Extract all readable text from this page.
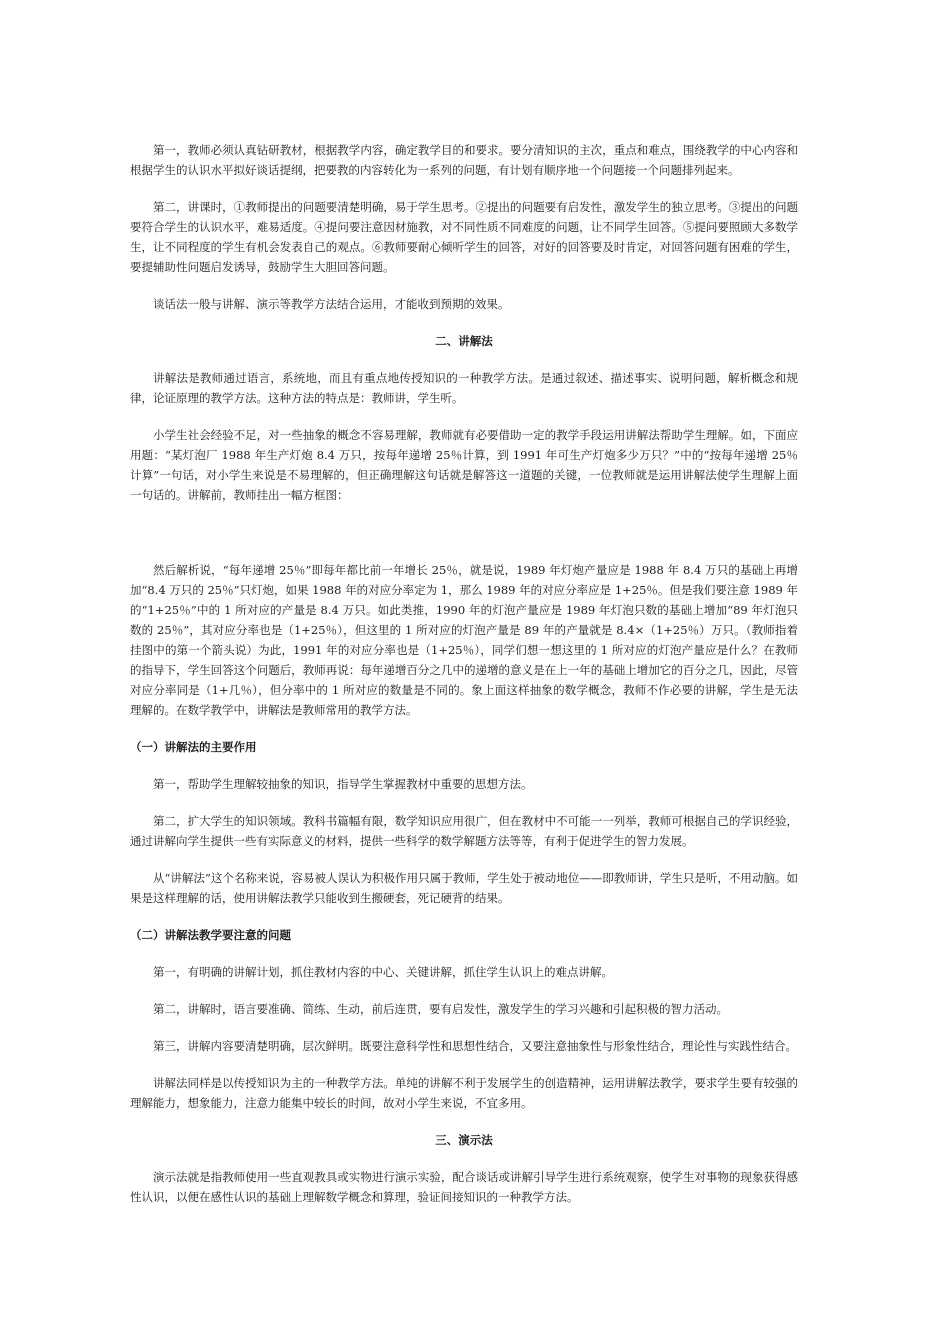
第一，教师必须认真钻研教材，根据教学内容，确定教学目的和要求。要分清知识的主次，重点和难点，围绕教学的中心内容和根据学生的认识水平拟好谈话提纲，把要教的内容转化为一系列的问题，有计划有顺序地一个问题接一个问题排列起来。

第二，讲课时，①教师提出的问题要清楚明确，易于学生思考。②提出的问题要有启发性，激发学生的独立思考。③提出的问题要符合学生的认识水平，难易适度。④提问要注意因材施教，对不同性质不同难度的问题，让不同学生回答。⑤提问要照顾大多数学生，让不同程度的学生有机会发表自己的观点。⑥教师要耐心倾听学生的回答，对好的回答要及时肯定，对回答问题有困难的学生，要提辅助性问题启发诱导，鼓励学生大胆回答问题。

谈话法一般与讲解、演示等教学方法结合运用，才能收到预期的效果。

二、讲解法

讲解法是教师通过语言，系统地，而且有重点地传授知识的一种教学方法。是通过叙述、描述事实、说明问题，解析概念和规律，论证原理的教学方法。这种方法的特点是：教师讲，学生听。

小学生社会经验不足，对一些抽象的概念不容易理解，教师就有必要借助一定的教学手段运用讲解法帮助学生理解。如，下面应用题：“某灯泡厂 1988 年生产灯炮 8.4 万只，按每年递增 25％计算，到 1991 年可生产灯炮多少万只？”中的“按每年递增 25％计算”一句话，对小学生来说是不易理解的，但正确理解这句话就是解答这一道题的关键，一位教师就是运用讲解法使学生理解上面一句话的。讲解前，教师挂出一幅方框图：

然后解析说，“每年递增 25％”即每年都比前一年增长 25％，就是说，1989 年灯炮产量应是 1988 年 8.4 万只的基础上再增加“8.4 万只的 25％”只灯炮，如果 1988 年的对应分率定为 1，那么 1989 年的对应分率应是 1+25％。但是我们要注意 1989 年的“1+25％”中的 1 所对应的产量是 8.4 万只。如此类推，1990 年的灯泡产量应是 1989 年灯泡只数的基础上增加“89 年灯泡只数的 25％”，其对应分率也是（1+25％），但这里的 1 所对应的灯泡产量是 89 年的产量就是 8.4×（1+25％）万只。（教师指着挂图中的第一个箭头说）为此，1991 年的对应分率也是（1+25％），同学们想一想这里的 1 所对应的灯泡产量应是什么？在教师的指导下，学生回答这个问题后，教师再说：每年递增百分之几中的递增的意义是在上一年的基础上增加它的百分之几，因此，尽管对应分率同是（1+几％），但分率中的 1 所对应的数量是不同的。象上面这样抽象的数学概念，教师不作必要的讲解，学生是无法理解的。在数学教学中，讲解法是教师常用的教学方法。

（一）讲解法的主要作用

第一，帮助学生理解较抽象的知识，指导学生掌握教材中重要的思想方法。

第二，扩大学生的知识领域。教科书篇幅有限，数学知识应用很广，但在教材中不可能一一列举，教师可根据自己的学识经验，通过讲解向学生提供一些有实际意义的材料，提供一些科学的数学解题方法等等，有利于促进学生的智力发展。

从“讲解法”这个名称来说，容易被人误认为积极作用只属于教师，学生处于被动地位——即教师讲，学生只是听，不用动脑。如果是这样理解的话，使用讲解法教学只能收到生搬硬套，死记硬背的结果。

（二）讲解法教学要注意的问题

第一，有明确的讲解计划，抓住教材内容的中心、关键讲解，抓住学生认识上的难点讲解。

第二，讲解时，语言要准确、简练、生动，前后连贯，要有启发性，激发学生的学习兴趣和引起积极的智力活动。

第三，讲解内容要清楚明确，层次鲜明。既要注意科学性和思想性结合，又要注意抽象性与形象性结合，理论性与实践性结合。

讲解法同样是以传授知识为主的一种教学方法。单纯的讲解不利于发展学生的创造精神，运用讲解法教学，要求学生要有较强的理解能力，想象能力，注意力能集中较长的时间，故对小学生来说，不宜多用。

三、演示法

演示法就是指教师使用一些直观教具或实物进行演示实验，配合谈话或讲解引导学生进行系统观察，使学生对事物的现象获得感性认识，以便在感性认识的基础上理解数学概念和算理，验证间接知识的一种教学方法。
